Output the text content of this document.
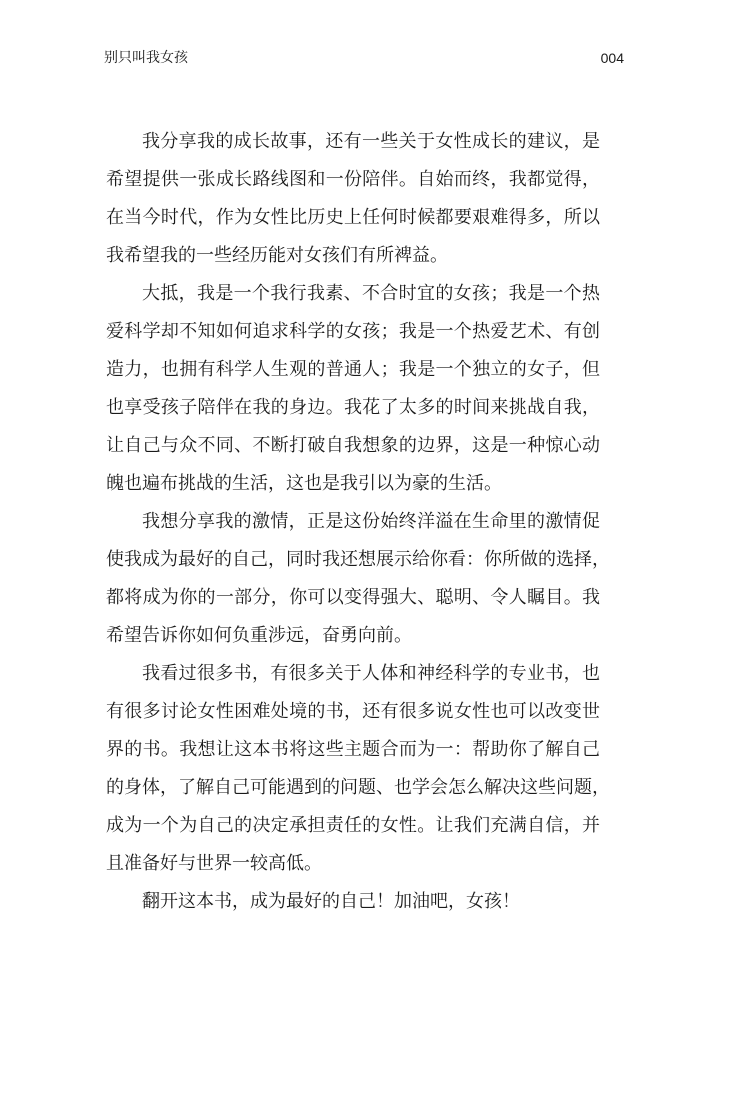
别只叫我女孩	004
我分享我的成长故事，还有一些关于女性成长的建议，是
希望提供一张成长路线图和一份陪伴。自始而终，我都觉得，
在当今时代，作为女性比历史上任何时候都要艰难得多，所以
我希望我的一些经历能对女孩们有所裨益。
大抵，我是一个我行我素、不合时宜的女孩；我是一个热
爱科学却不知如何追求科学的女孩；我是一个热爱艺术、有创
造力，也拥有科学人生观的普通人；我是一个独立的女子，但
也享受孩子陪伴在我的身边。我花了太多的时间来挑战自我，
让自己与众不同、不断打破自我想象的边界，这是一种惊心动
魄也遍布挑战的生活，这也是我引以为豪的生活。
我想分享我的激情，正是这份始终洋溢在生命里的激情促
使我成为最好的自己，同时我还想展示给你看：你所做的选择，
都将成为你的一部分，你可以变得强大、聪明、令人瞩目。我
希望告诉你如何负重涉远，奋勇向前。
我看过很多书，有很多关于人体和神经科学的专业书，也
有很多讨论女性困难处境的书，还有很多说女性也可以改变世
界的书。我想让这本书将这些主题合而为一：帮助你了解自己
的身体，了解自己可能遇到的问题、也学会怎么解决这些问题，
成为一个为自己的决定承担责任的女性。让我们充满自信，并
且准备好与世界一较高低。
翻开这本书，成为最好的自己！加油吧，女孩！
